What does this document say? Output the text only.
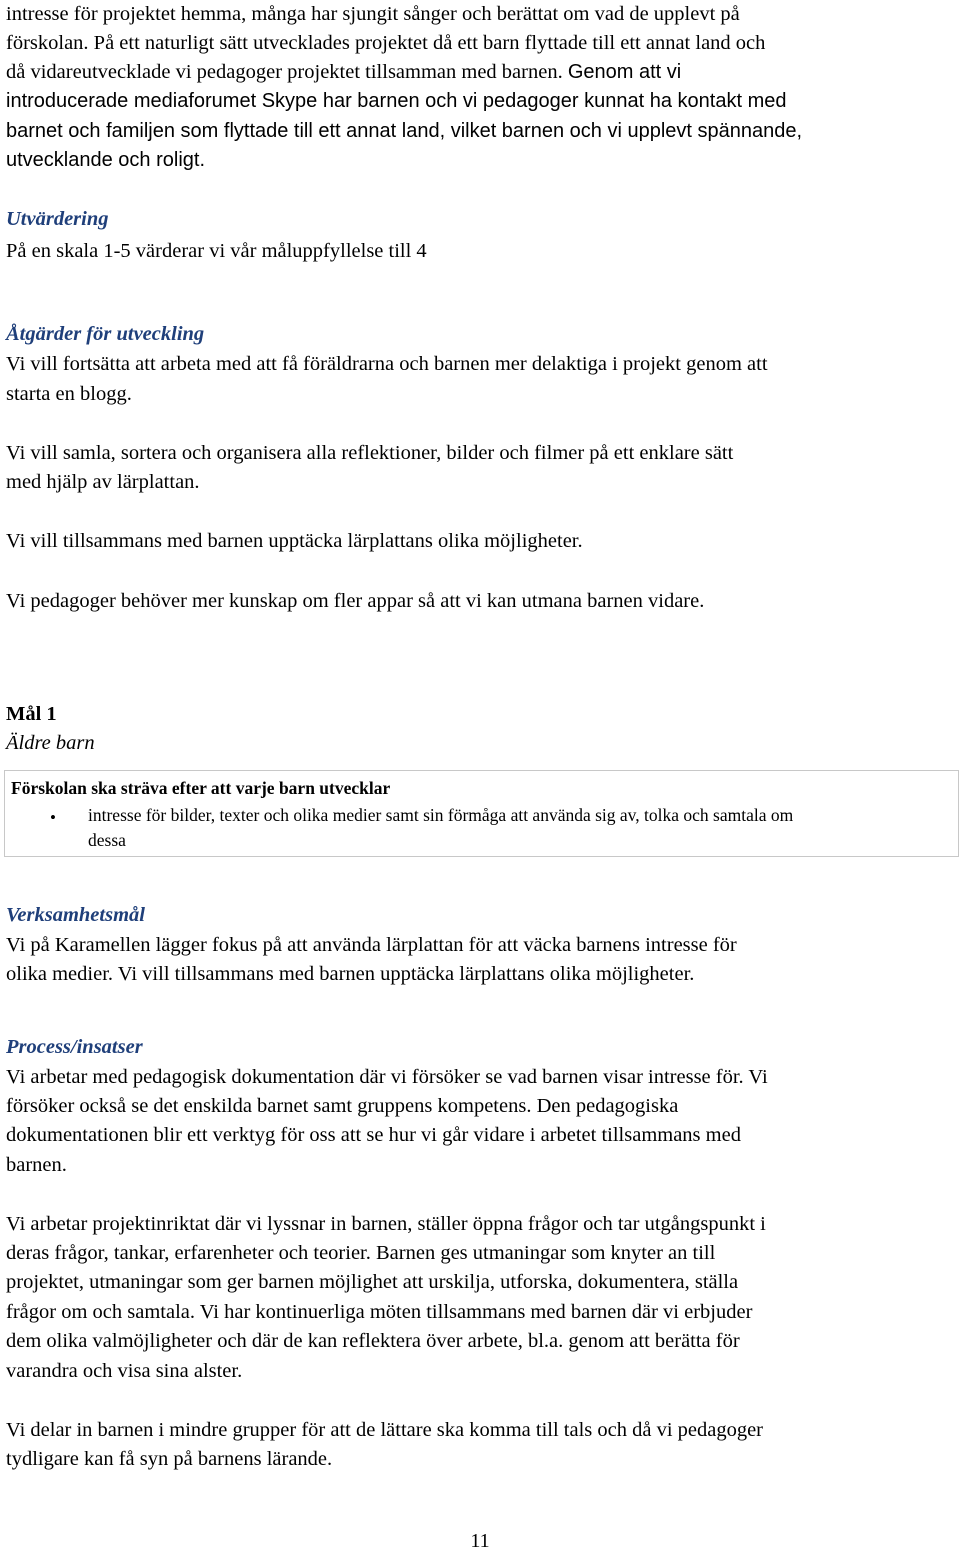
intresse för projektet hemma, många har sjungit sånger och berättat om vad de upplevt på
förskolan. På ett naturligt sätt utvecklades projektet då ett barn flyttade till ett annat land och
då vidareutvecklade vi pedagoger projektet tillsamman med barnen. Genom att vi
introducerade mediaforumet Skype har barnen och vi pedagoger kunnat ha kontakt med
barnet och familjen som flyttade till ett annat land, vilket barnen och vi upplevt spännande,
utvecklande och roligt.
Utvärdering
På en skala 1-5 värderar vi vår måluppfyllelse till 4
Åtgärder för utveckling
Vi vill fortsätta att arbeta med att få föräldrarna och barnen mer delaktiga i projekt genom att
starta en blogg.
Vi vill samla, sortera och organisera alla reflektioner, bilder och filmer på ett enklare sätt
med hjälp av lärplattan.
Vi vill tillsammans med barnen upptäcka lärplattans olika möjligheter.
Vi pedagoger behöver mer kunskap om fler appar så att vi kan utmana barnen vidare.
Mål 1
Äldre barn
Förskolan ska sträva efter att varje barn utvecklar
• intresse för bilder, texter och olika medier samt sin förmåga att använda sig av, tolka och samtala om
dessa
Verksamhetsmål
Vi på Karamellen lägger fokus på att använda lärplattan för att väcka barnens intresse för
olika medier. Vi vill tillsammans med barnen upptäcka lärplattans olika möjligheter.
Process/insatser
Vi arbetar med pedagogisk dokumentation där vi försöker se vad barnen visar intresse för. Vi
försöker också se det enskilda barnet samt gruppens kompetens. Den pedagogiska
dokumentationen blir ett verktyg för oss att se hur vi går vidare i arbetet tillsammans med
barnen.
Vi arbetar projektinriktat där vi lyssnar in barnen, ställer öppna frågor och tar utgångspunkt i
deras frågor, tankar, erfarenheter och teorier. Barnen ges utmaningar som knyter an till
projektet, utmaningar som ger barnen möjlighet att urskilja, utforska, dokumentera, ställa
frågor om och samtala. Vi har kontinuerliga möten tillsammans med barnen där vi erbjuder
dem olika valmöjligheter och där de kan reflektera över arbete, bl.a. genom att berätta för
varandra och visa sina alster.
Vi delar in barnen i mindre grupper för att de lättare ska komma till tals och då vi pedagoger
tydligare kan få syn på barnens lärande.
11
